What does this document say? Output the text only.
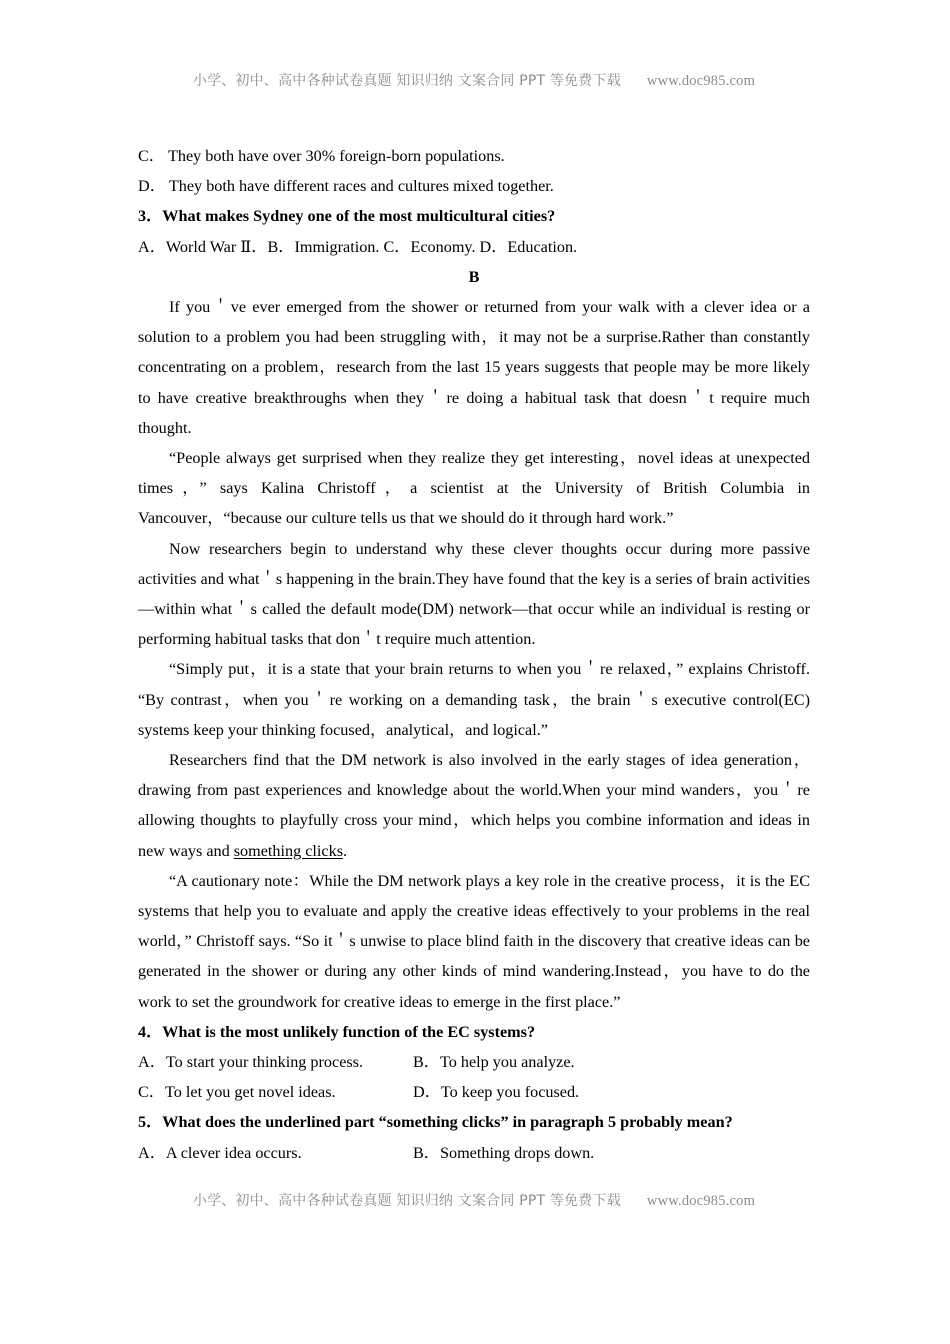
小学、初中、高中各种试卷真题 知识归纳 文案合同 PPT 等免费下载 www.doc985.com

C． They both have over 30% foreign-born populations.

D． They both have different races and cultures mixed together.

3．What makes Sydney one of the most multicultural cities?

A．World War Ⅱ．B．Immigration. C．Economy. D．Education.

B

If you＇ve ever emerged from the shower or returned from your walk with a clever idea or a solution to a problem you had been struggling with，it may not be a surprise.Rather than constantly concentrating on a problem，research from the last 15 years suggests that people may be more likely to have creative breakthroughs when they＇re doing a habitual task that doesn＇t require much thought.

“People always get surprised when they realize they get interesting，novel ideas at unexpected times，” says Kalina Christoff，a scientist at the University of British Columbia in Vancouver，“because our culture tells us that we should do it through hard work.”

Now researchers begin to understand why these clever thoughts occur during more passive activities and what＇s happening in the brain.They have found that the key is a series of brain activities—within what＇s called the default mode(DM) network—that occur while an individual is resting or performing habitual tasks that don＇t require much attention.

“Simply put，it is a state that your brain returns to when you＇re relaxed，” explains Christoff. “By contrast，when you＇re working on a demanding task，the brain＇s executive control(EC) systems keep your thinking focused，analytical，and logical.”

Researchers find that the DM network is also involved in the early stages of idea generation，drawing from past experiences and knowledge about the world.When your mind wanders，you＇re allowing thoughts to playfully cross your mind，which helps you combine information and ideas in new ways and something clicks.

“A cautionary note：While the DM network plays a key role in the creative process，it is the EC systems that help you to evaluate and apply the creative ideas effectively to your problems in the real world，” Christoff says. “So it＇s unwise to place blind faith in the discovery that creative ideas can be generated in the shower or during any other kinds of mind wandering.Instead，you have to do the work to set the groundwork for creative ideas to emerge in the first place.”

4．What is the most unlikely function of the EC systems?

A．To start your thinking process.	B．To help you analyze.
C．To let you get novel ideas.	D．To keep you focused.

5．What does the underlined part “something clicks” in paragraph 5 probably mean?

A．A clever idea occurs.	B．Something drops down.
小学、初中、高中各种试卷真题 知识归纳 文案合同 PPT 等免费下载 www.doc985.com
